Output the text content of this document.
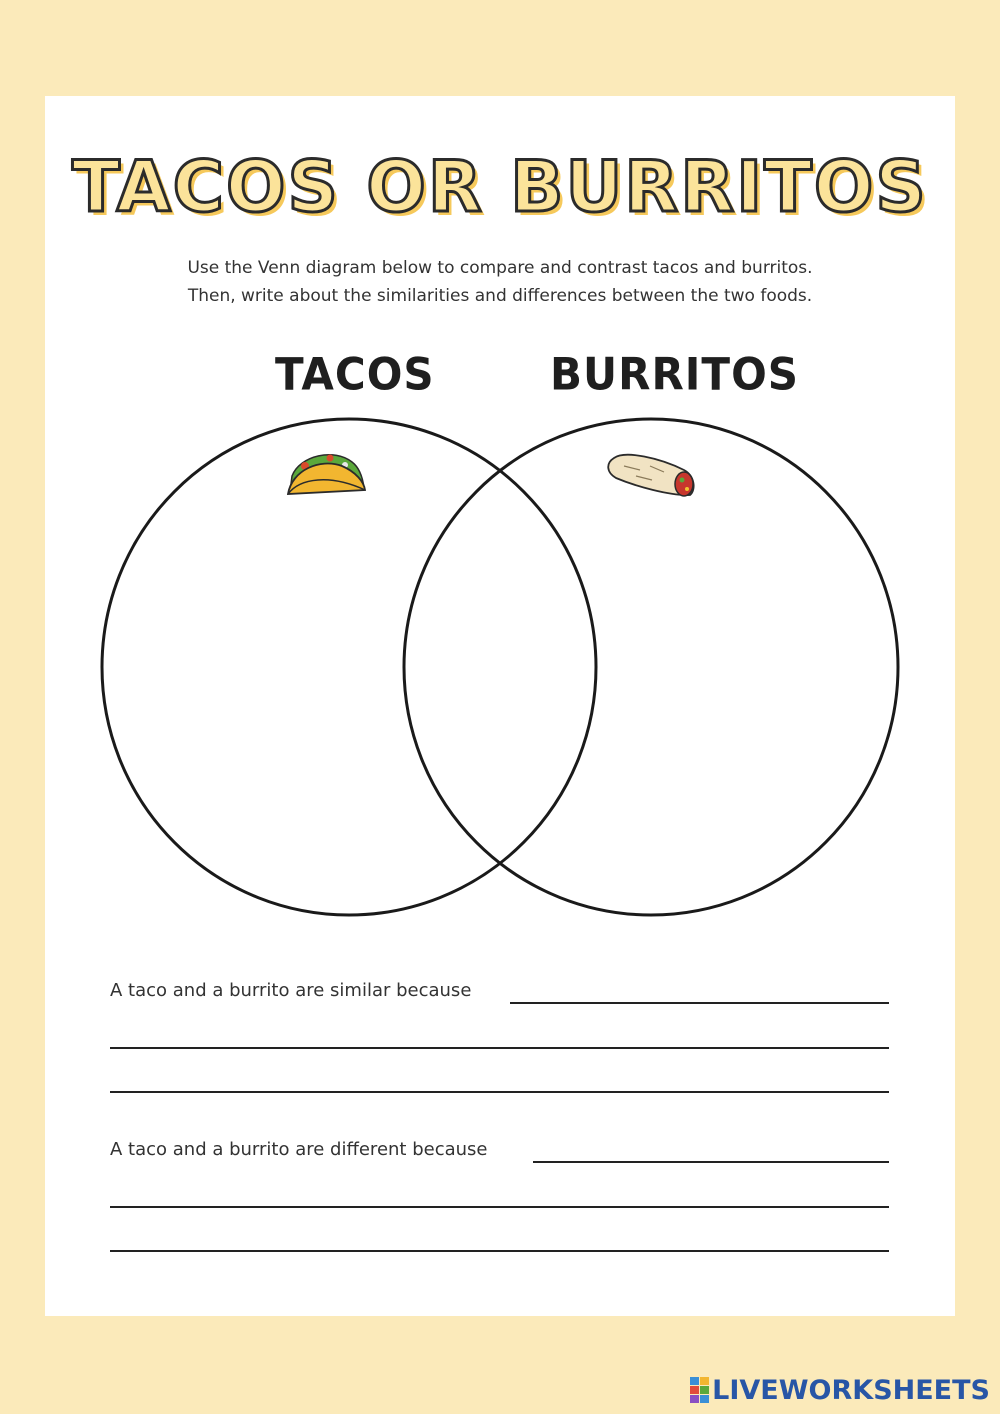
TACOS OR BURRITOS
Use the Venn diagram below to compare and contrast tacos and burritos.
Then, write about the similarities and differences between the two foods.
TACOS	BURRITOS
A taco and a burrito are similar because
A taco and a burrito are different because
LIVEWORKSHEETS
